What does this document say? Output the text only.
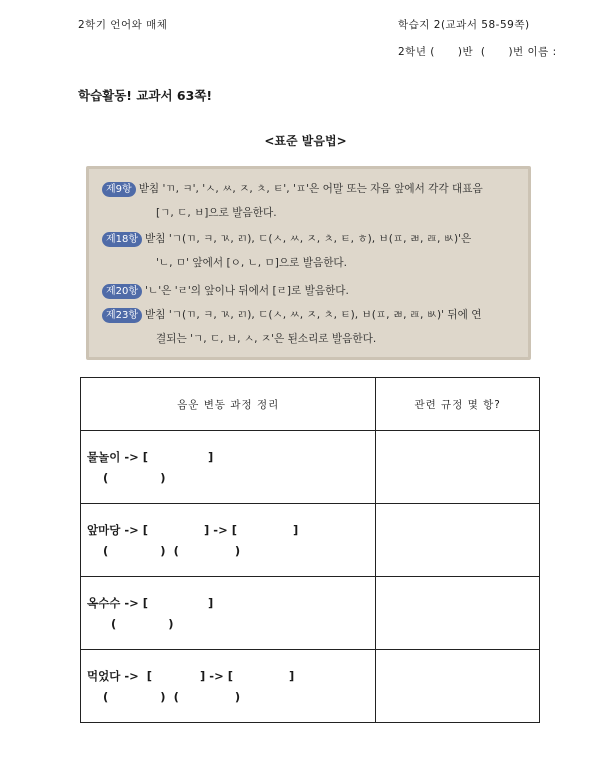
2학기 언어와 매체	학습지 2(교과서 58-59쪽)
2학년 (      )반  (      )번 이름 :
학습활동! 교과서 63쪽!
<표준 발음법>
제9항 받침 'ㄲ, ㅋ', 'ㅅ, ㅆ, ㅈ, ㅊ, ㅌ', 'ㅍ'은 어말 또는 자음 앞에서 각각 대표음
[ㄱ, ㄷ, ㅂ]으로 발음한다.
제18항 받침 'ㄱ(ㄲ, ㅋ, ㄳ, ㄺ), ㄷ(ㅅ, ㅆ, ㅈ, ㅊ, ㅌ, ㅎ), ㅂ(ㅍ, ㄼ, ㄿ, ㅄ)'은
'ㄴ, ㅁ' 앞에서 [ㅇ, ㄴ, ㅁ]으로 발음한다.
제20항 'ㄴ'은 'ㄹ'의 앞이나 뒤에서 [ㄹ]로 발음한다.
제23항 받침 'ㄱ(ㄲ, ㅋ, ㄳ, ㄺ), ㄷ(ㅅ, ㅆ, ㅈ, ㅊ, ㅌ), ㅂ(ㅍ, ㄼ, ㄿ, ㅄ)' 뒤에 연
결되는 'ㄱ, ㄷ, ㅂ, ㅅ, ㅈ'은 된소리로 발음한다.
음운 변동 과정 정리	관련 규정 몇 항?

물놀이 -> [               ]
(             )	

앞마당 -> [              ] -> [              ]
(             )  (              )	

옥수수 -> [               ]
(             )	

먹었다 ->  [            ] -> [              ]
(             )  (              )	
